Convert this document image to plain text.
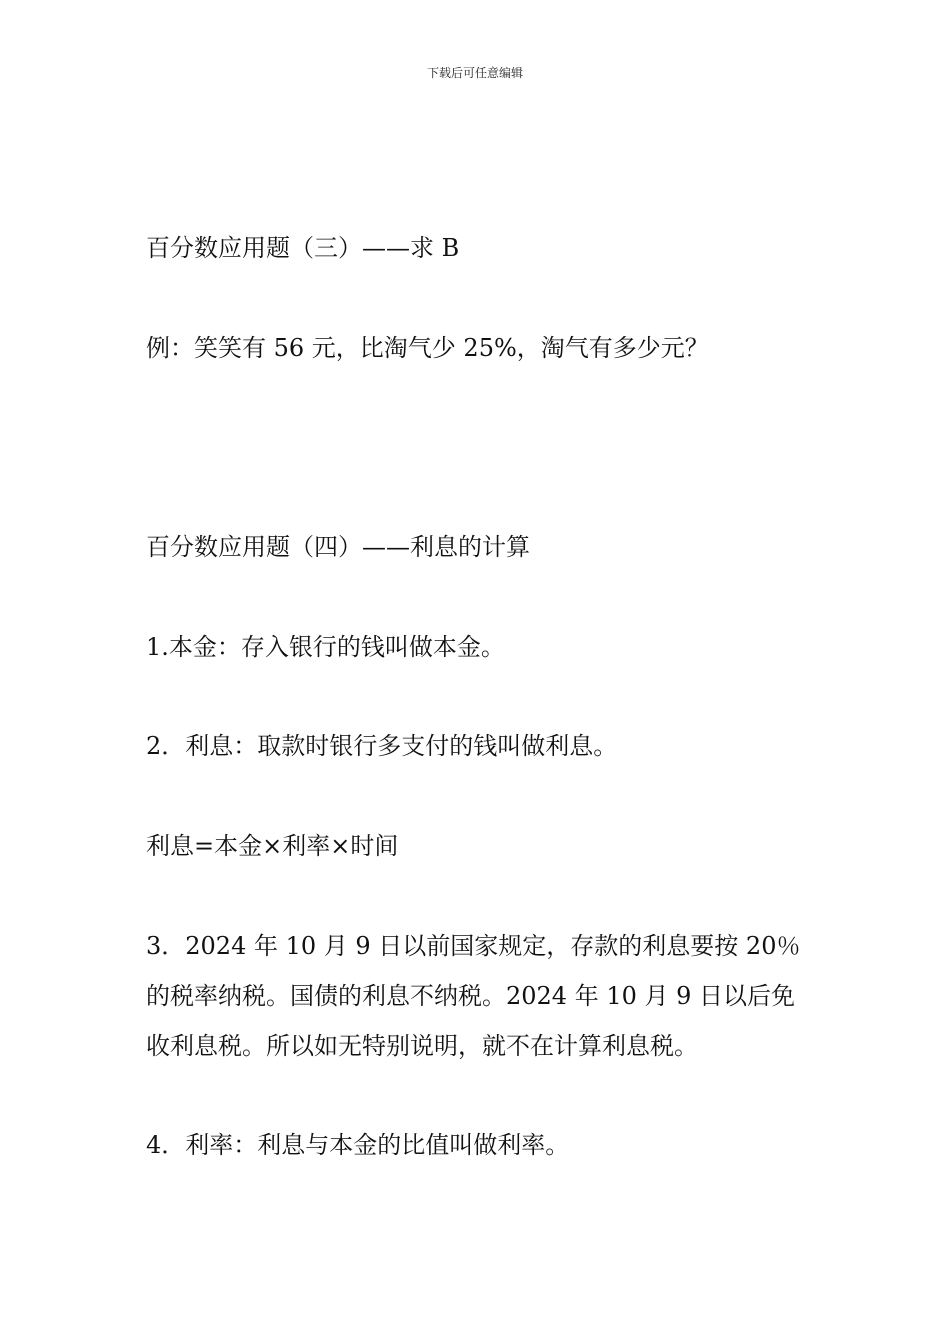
下载后可任意编辑
百分数应用题（三）——求 B
例：笑笑有 56 元，比淘气少 25%，淘气有多少元？
百分数应用题（四）——利息的计算
1.本金：存入银行的钱叫做本金。
2．利息：取款时银行多支付的钱叫做利息。
利息=本金×利率×时间
3．2024 年 10 月 9 日以前国家规定，存款的利息要按 20％
的税率纳税。国债的利息不纳税。2024 年 10 月 9 日以后免
收利息税。所以如无特别说明，就不在计算利息税。
4．利率：利息与本金的比值叫做利率。
